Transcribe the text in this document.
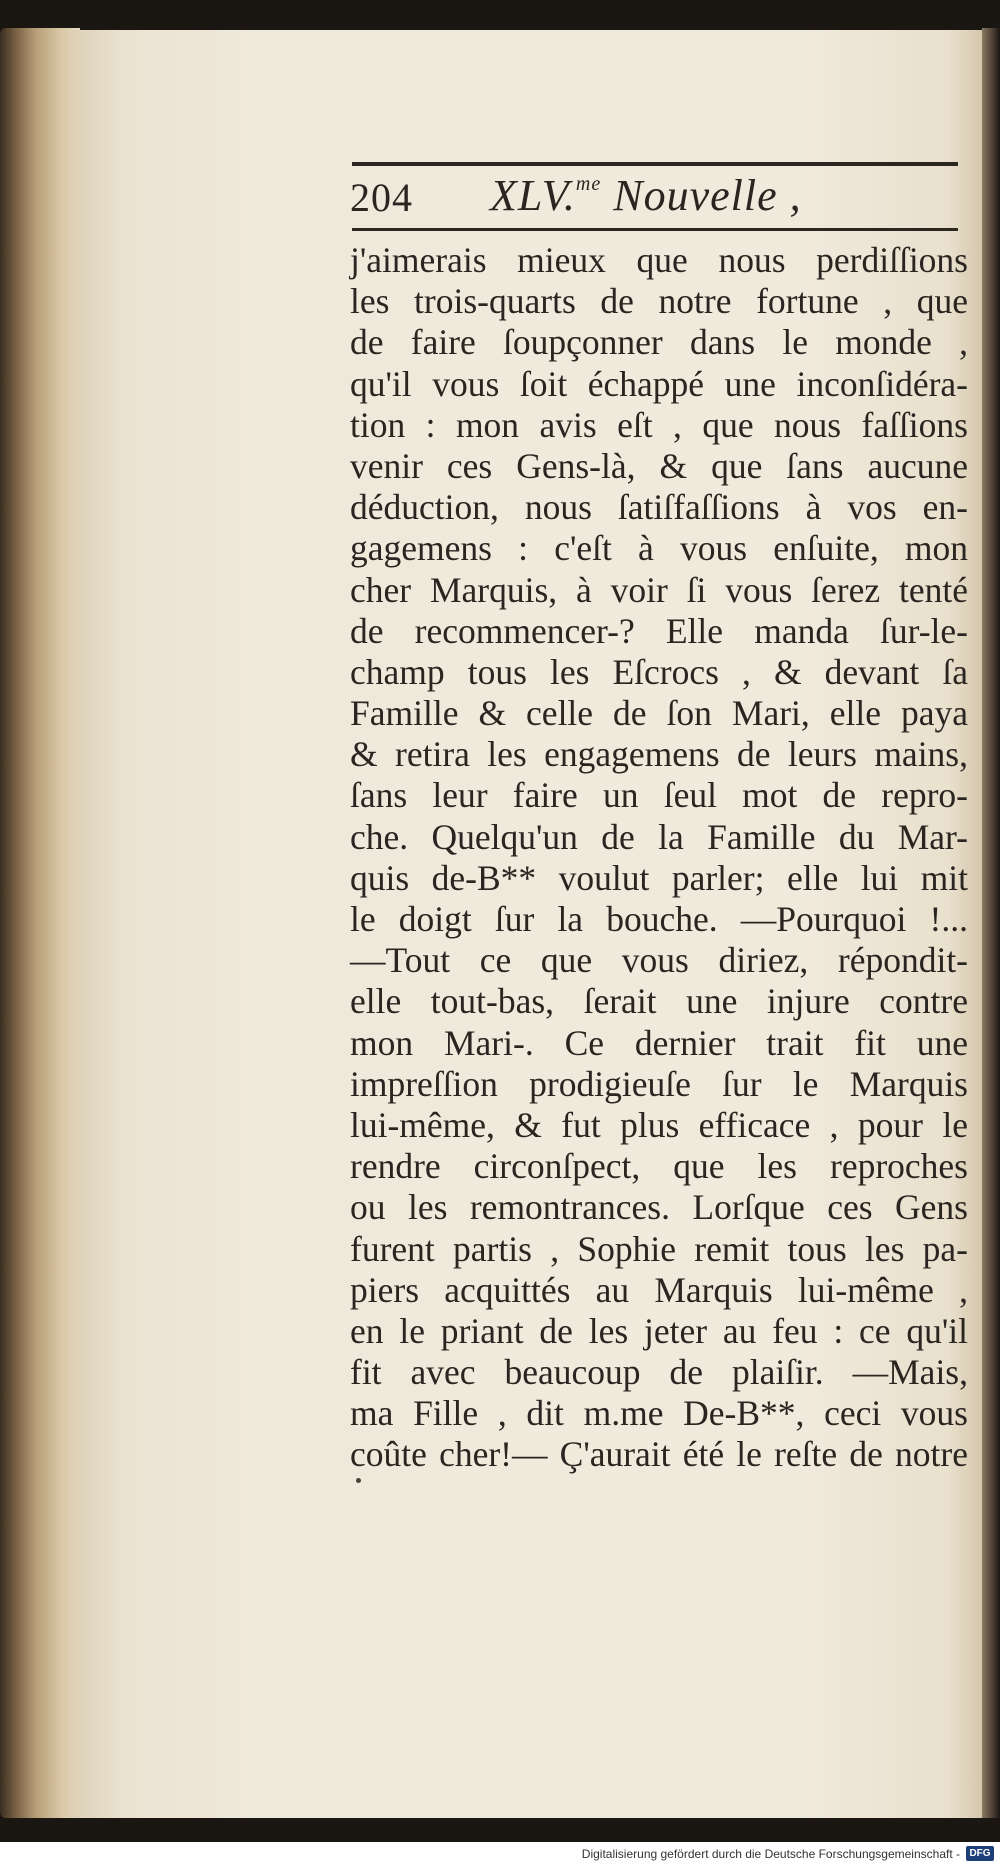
204 XLV.$^{me}$ Nouvelle ,
j'aimerais mieux que nous perdiſſions
les trois-quarts de notre fortune , que
de faire ſoupçonner dans le monde ,
qu'il vous ſoit échappé une inconſidéra-
tion : mon avis eſt , que nous faſſions
venir ces Gens-là, & que ſans aucune
déduction, nous ſatiſfaſſions à vos en-
gagemens : c'eſt à vous enſuite, mon
cher Marquis, à voir ſi vous ſerez tenté
de recommencer-? Elle manda ſur-le-
champ tous les Eſcrocs , & devant ſa
Famille & celle de ſon Mari, elle paya
& retira les engagemens de leurs mains,
ſans leur faire un ſeul mot de repro-
che. Quelqu'un de la Famille du Mar-
quis de-B** voulut parler; elle lui mit
le doigt ſur la bouche. —Pourquoi !...
—Tout ce que vous diriez, répondit-
elle tout-bas, ſerait une injure contre
mon Mari-. Ce dernier trait fit une
impreſſion prodigieuſe ſur le Marquis
lui-même, & fut plus efficace , pour le
rendre circonſpect, que les reproches
ou les remontrances. Lorſque ces Gens
furent partis , Sophie remit tous les pa-
piers acquittés au Marquis lui-même ,
en le priant de les jeter au feu : ce qu'il
fit avec beaucoup de plaiſir. —Mais,
ma Fille , dit m.me De-B**, ceci vous
coûte cher!— Ç'aurait été le reſte de notre
Digitalisierung gefördert durch die Deutsche Forschungsgemeinschaft - DFG
